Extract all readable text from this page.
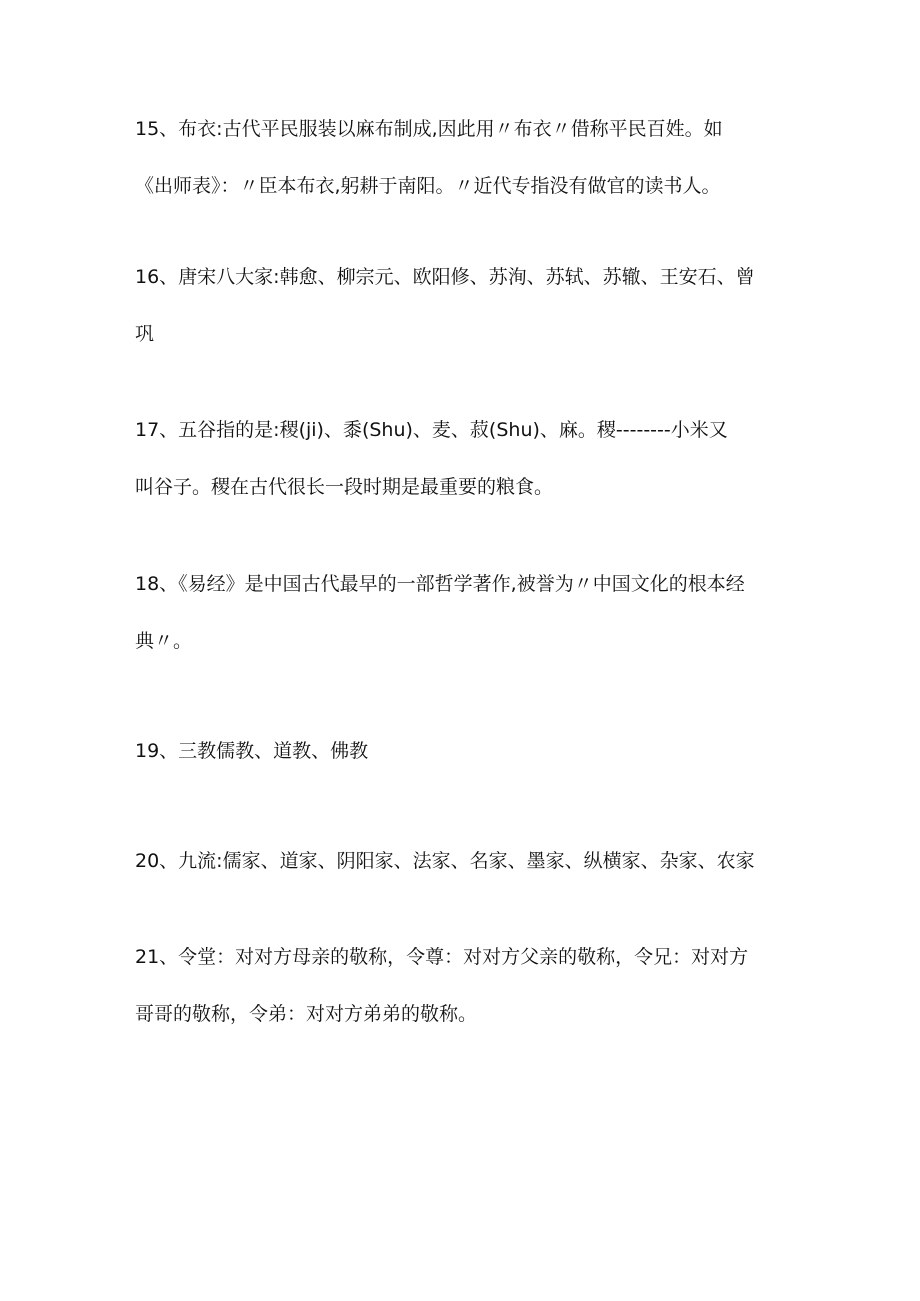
15、布衣:古代平民服装以麻布制成,因此用〃布衣〃借称平民百姓。如
《出师表》：〃臣本布衣,躬耕于南阳。〃近代专指没有做官的读书人。

16、唐宋八大家:韩愈、柳宗元、欧阳修、苏洵、苏轼、苏辙、王安石、曾
巩

17、五谷指的是:稷(ji)、黍(Shu)、麦、菽(Shu)、麻。稷--------小米又
叫谷子。稷在古代很长一段时期是最重要的粮食。

18、《易经》是中国古代最早的一部哲学著作,被誉为〃中国文化的根本经
典〃。

19、三教儒教、道教、佛教

20、九流:儒家、道家、阴阳家、法家、名家、墨家、纵横家、杂家、农家

21、令堂：对对方母亲的敬称，令尊：对对方父亲的敬称，令兄：对对方
哥哥的敬称，令弟：对对方弟弟的敬称。
